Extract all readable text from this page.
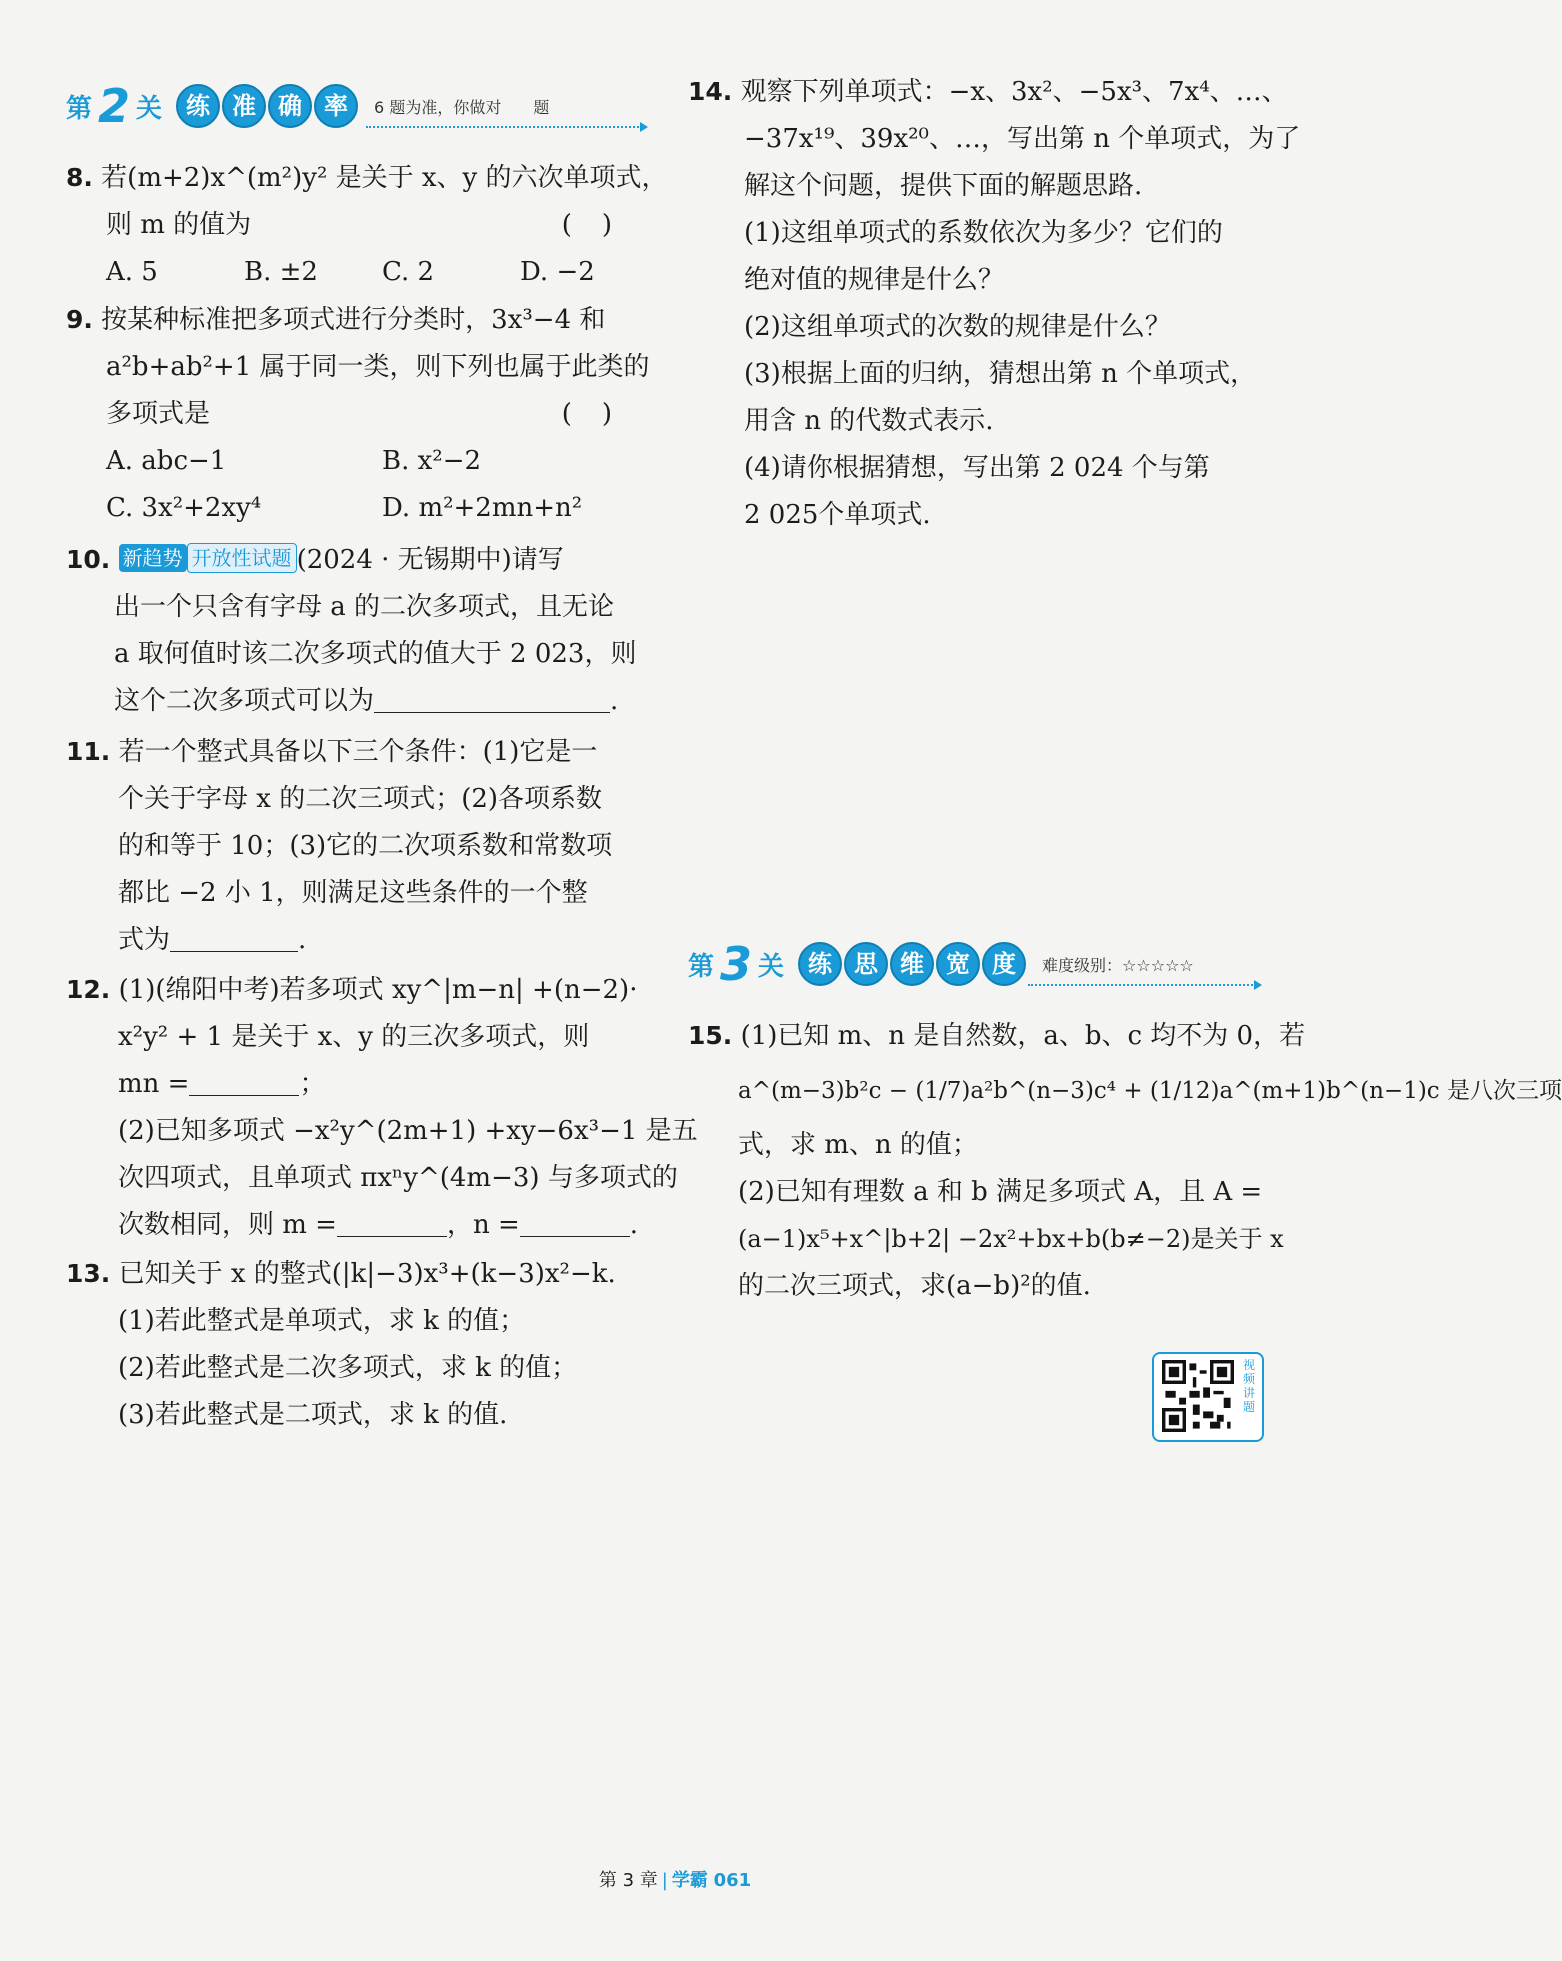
第 2 关	练 准 确 率	6 题为准，你做对　　题
8. 若(m+2)x^(m²)y² 是关于 x、y 的六次单项式，
则 m 的值为	()
A. 5	B. ±2	C. 2	D. −2
9. 按某种标准把多项式进行分类时，3x³−4 和
a²b+ab²+1 属于同一类，则下列也属于此类的
多项式是	()
A. abc−1	B. x²−2
C. 3x²+2xy⁴	D. m²+2mn+n²
10. 新趋势 开放性试题 (2024 · 无锡期中)请写
出一个只含有字母 a 的二次多项式，且无论
a 取何值时该二次多项式的值大于 2 023，则
这个二次多项式可以为	.
11. 若一个整式具备以下三个条件：(1)它是一
个关于字母 x 的二次三项式；(2)各项系数
的和等于 10；(3)它的二次项系数和常数项
都比 −2 小 1，则满足这些条件的一个整
式为	.
12. (1)(绵阳中考)若多项式 xy^|m−n| +(n−2)·
x²y² + 1 是关于 x、y 的三次多项式，则
mn =	；
(2)已知多项式 −x²y^(2m+1) +xy−6x³−1 是五
次四项式，且单项式 πxⁿy^(4m−3) 与多项式的
次数相同，则 m =	，n =	.
13. 已知关于 x 的整式(|k|−3)x³+(k−3)x²−k.
(1)若此整式是单项式，求 k 的值；
(2)若此整式是二次多项式，求 k 的值；
(3)若此整式是二项式，求 k 的值.
14. 观察下列单项式：−x、3x²、−5x³、7x⁴、…、
−37x¹⁹、39x²⁰、…，写出第 n 个单项式，为了
解这个问题，提供下面的解题思路.
(1)这组单项式的系数依次为多少？它们的
绝对值的规律是什么？
(2)这组单项式的次数的规律是什么？
(3)根据上面的归纳，猜想出第 n 个单项式，
用含 n 的代数式表示.
(4)请你根据猜想，写出第 2 024 个与第
2 025个单项式.
第 3 关	练 思 维 宽 度	难度级别：☆☆☆☆☆
15. (1)已知 m、n 是自然数，a、b、c 均不为 0，若
a^(m−3)b²c − (1/7)a²b^(n−3)c⁴ + (1/12)a^(m+1)b^(n−1)c 是八次三项
式，求 m、n 的值；
(2)已知有理数 a 和 b 满足多项式 A，且 A =
(a−1)x⁵+x^|b+2| −2x²+bx+b(b≠−2)是关于 x
的二次三项式，求(a−b)²的值.
视频讲题
第 3 章 | 学霸 061
